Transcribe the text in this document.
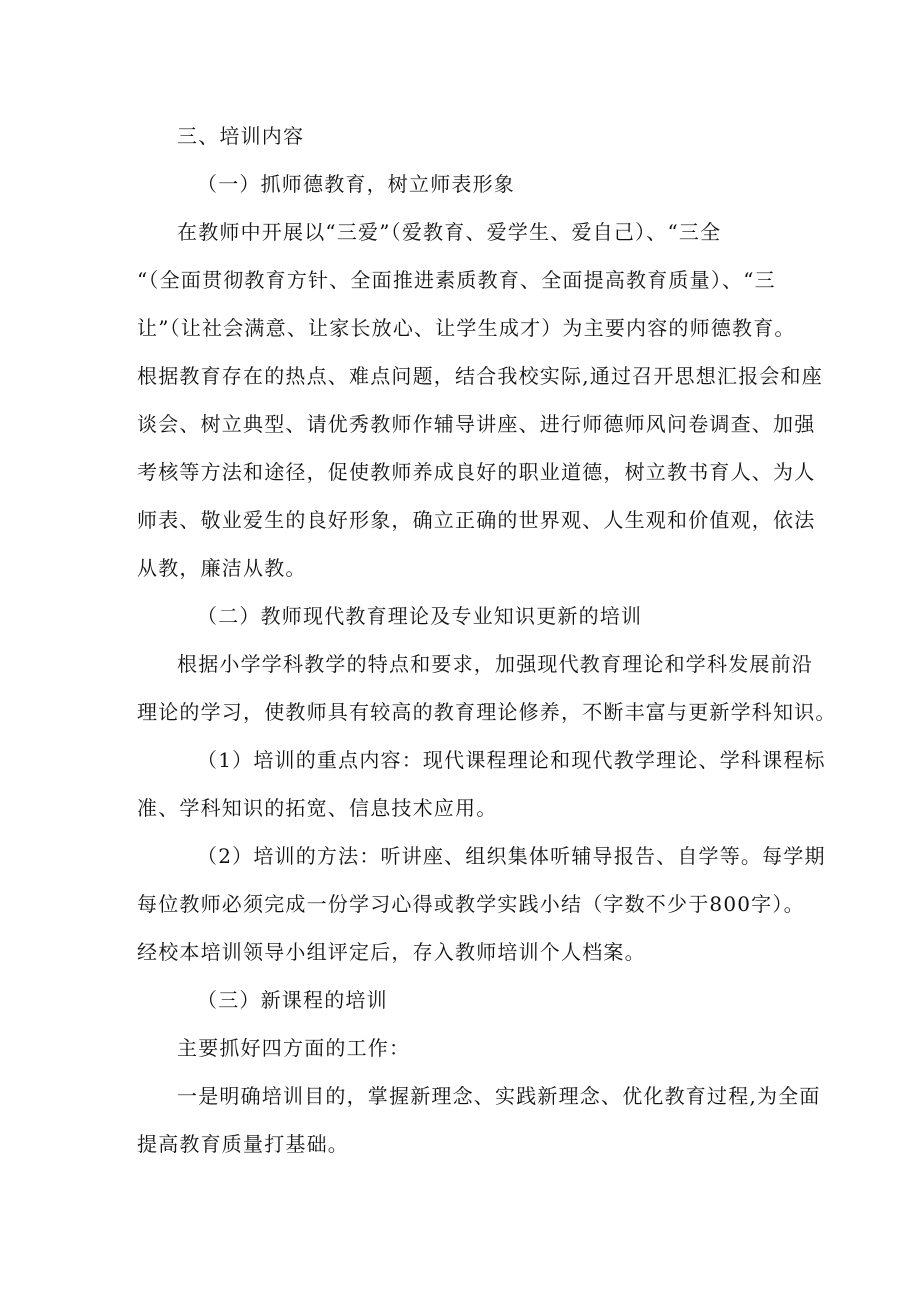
三、培训内容
（一）抓师德教育，树立师表形象
在教师中开展以“三爱”（爱教育、爱学生、爱自己）、“三全
“（全面贯彻教育方针、全面推进素质教育、全面提高教育质量）、“三
让”（让社会满意、让家长放心、让学生成才）为主要内容的师德教育。
根据教育存在的热点、难点问题，结合我校实际,通过召开思想汇报会和座
谈会、树立典型、请优秀教师作辅导讲座、进行师德师风问卷调查、加强
考核等方法和途径，促使教师养成良好的职业道德，树立教书育人、为人
师表、敬业爱生的良好形象，确立正确的世界观、人生观和价值观，依法
从教，廉洁从教。
（二）教师现代教育理论及专业知识更新的培训
根据小学学科教学的特点和要求，加强现代教育理论和学科发展前沿
理论的学习，使教师具有较高的教育理论修养，不断丰富与更新学科知识。
（1）培训的重点内容：现代课程理论和现代教学理论、学科课程标
准、学科知识的拓宽、信息技术应用。
（2）培训的方法：听讲座、组织集体听辅导报告、自学等。每学期
每位教师必须完成一份学习心得或教学实践小结（字数不少于800字）。
经校本培训领导小组评定后，存入教师培训个人档案。
（三）新课程的培训
主要抓好四方面的工作：
一是明确培训目的，掌握新理念、实践新理念、优化教育过程,为全面
提高教育质量打基础。
